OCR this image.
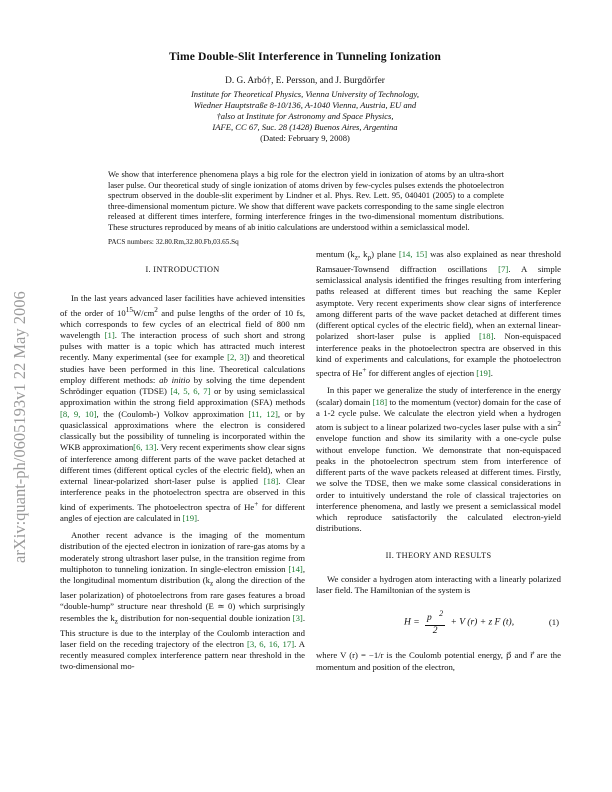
arXiv:quant-ph/0605193v1 22 May 2006
Time Double-Slit Interference in Tunneling Ionization
D. G. Arbó†, E. Persson, and J. Burgdörfer
Institute for Theoretical Physics, Vienna University of Technology,
Wiedner Hauptstraße 8-10/136, A-1040 Vienna, Austria, EU and
†also at Institute for Astronomy and Space Physics,
IAFE, CC 67, Suc. 28 (1428) Buenos Aires, Argentina
(Dated: February 9, 2008)
We show that interference phenomena plays a big role for the electron yield in ionization of atoms by an ultra-short laser pulse. Our theoretical study of single ionization of atoms driven by few-cycles pulses extends the photoelectron spectrum observed in the double-slit experiment by Lindner et al. Phys. Rev. Lett. 95, 040401 (2005) to a complete three-dimensional momentum picture. We show that different wave packets corresponding to the same single electron released at different times interfere, forming interference fringes in the two-dimensional momentum distributions. These structures reproduced by means of ab initio calculations are understood within a semiclassical model.
PACS numbers: 32.80.Rm,32.80.Fb,03.65.Sq
I. INTRODUCTION

In the last years advanced laser facilities have achieved intensities of the order of $10^{15}W/cm^2$ and pulse lengths of the order of 10 fs, which corresponds to few cycles of an electrical field of 800 nm wavelength [1]. The interaction process of such short and strong pulses with matter is a topic which has attracted much interest recently. Many experimental (see for example [2, 3]) and theoretical studies have been performed in this line. Theoretical calculations employ different methods: ab initio by solving the time dependent Schrödinger equation (TDSE) [4, 5, 6, 7] or by using semiclassical approximation within the strong field approximation (SFA) methods [8, 9, 10], the (Coulomb-) Volkov approximation [11, 12], or by quasiclassical approximations where the electron is considered classically but the possibility of tunneling is incorporated within the WKB approximation[6, 13]. Very recent experiments show clear signs of interference among different parts of the wave packet detached at different times (different optical cycles of the electric field), when an external linear-polarized short-laser pulse is applied [18]. Clear interference peaks in the photoelectron spectra are observed in this kind of experiments. The photoelectron spectra of He+ for different angles of ejection are calculated in [19].

Another recent advance is the imaging of the momentum distribution of the ejected electron in ionization of rare-gas atoms by a moderately strong ultrashort laser pulse, in the transition regime from multiphoton to tunneling ionization. In single-electron emission [14], the longitudinal momentum distribution ($k_z$ along the direction of the laser polarization) of photoelectrons from rare gases features a broad “double-hump” structure near threshold (E ≃ 0) which surprisingly resembles the $k_z$ distribution for non-sequential double ionization [3]. This structure is due to the interplay of the Coulomb interaction and laser field on the receding trajectory of the electron [3, 6, 16, 17]. A recently measured complex interference pattern near threshold in the two-dimensional mo-

mentum ($k_z$, $k_\rho$) plane [14, 15] was also explained as near threshold Ramsauer-Townsend diffraction oscillations [7]. A simple semiclassical analysis identified the fringes resulting from interfering paths released at different times but reaching the same Kepler asymptote. Very recent experiments show clear signs of interference among different parts of the wave packet detached at different times (different optical cycles of the electric field), when an external linear-polarized short-laser pulse is applied [18]. Non-equispaced interference peaks in the photoelectron spectra are observed in this kind of experiments and calculations, for example the photoelectron spectra of He+ for different angles of ejection [19].

In this paper we generalize the study of interference in the energy (scalar) domain [18] to the momentum (vector) domain for the case of a 1-2 cycle pulse. We calculate the electron yield when a hydrogen atom is subject to a linear polarized two-cycles laser pulse with a $\sin^2$ envelope function and show its similarity with a one-cycle pulse without envelope function. We demonstrate that non-equispaced peaks in the photoelectron spectrum stem from interference of different parts of the wave packets released at different times. Firstly, we solve the TDSE, then we make some classical considerations in order to intuitively understand the role of classical trajectories on interference phenomena, and lastly we present a semiclassical model which reproduce satisfactorily the calculated electron-yield distributions.

II. THEORY AND RESULTS

We consider a hydrogen atom interacting with a linearly polarized laser field. The Hamiltonian of the system is

$H = \frac{p⃗^2}{2} + V$ (r) + z F (t),	(1)

where V (r) = −1/r is the Coulomb potential energy, p⃗ and r⃗ are the momentum and position of the electron,
